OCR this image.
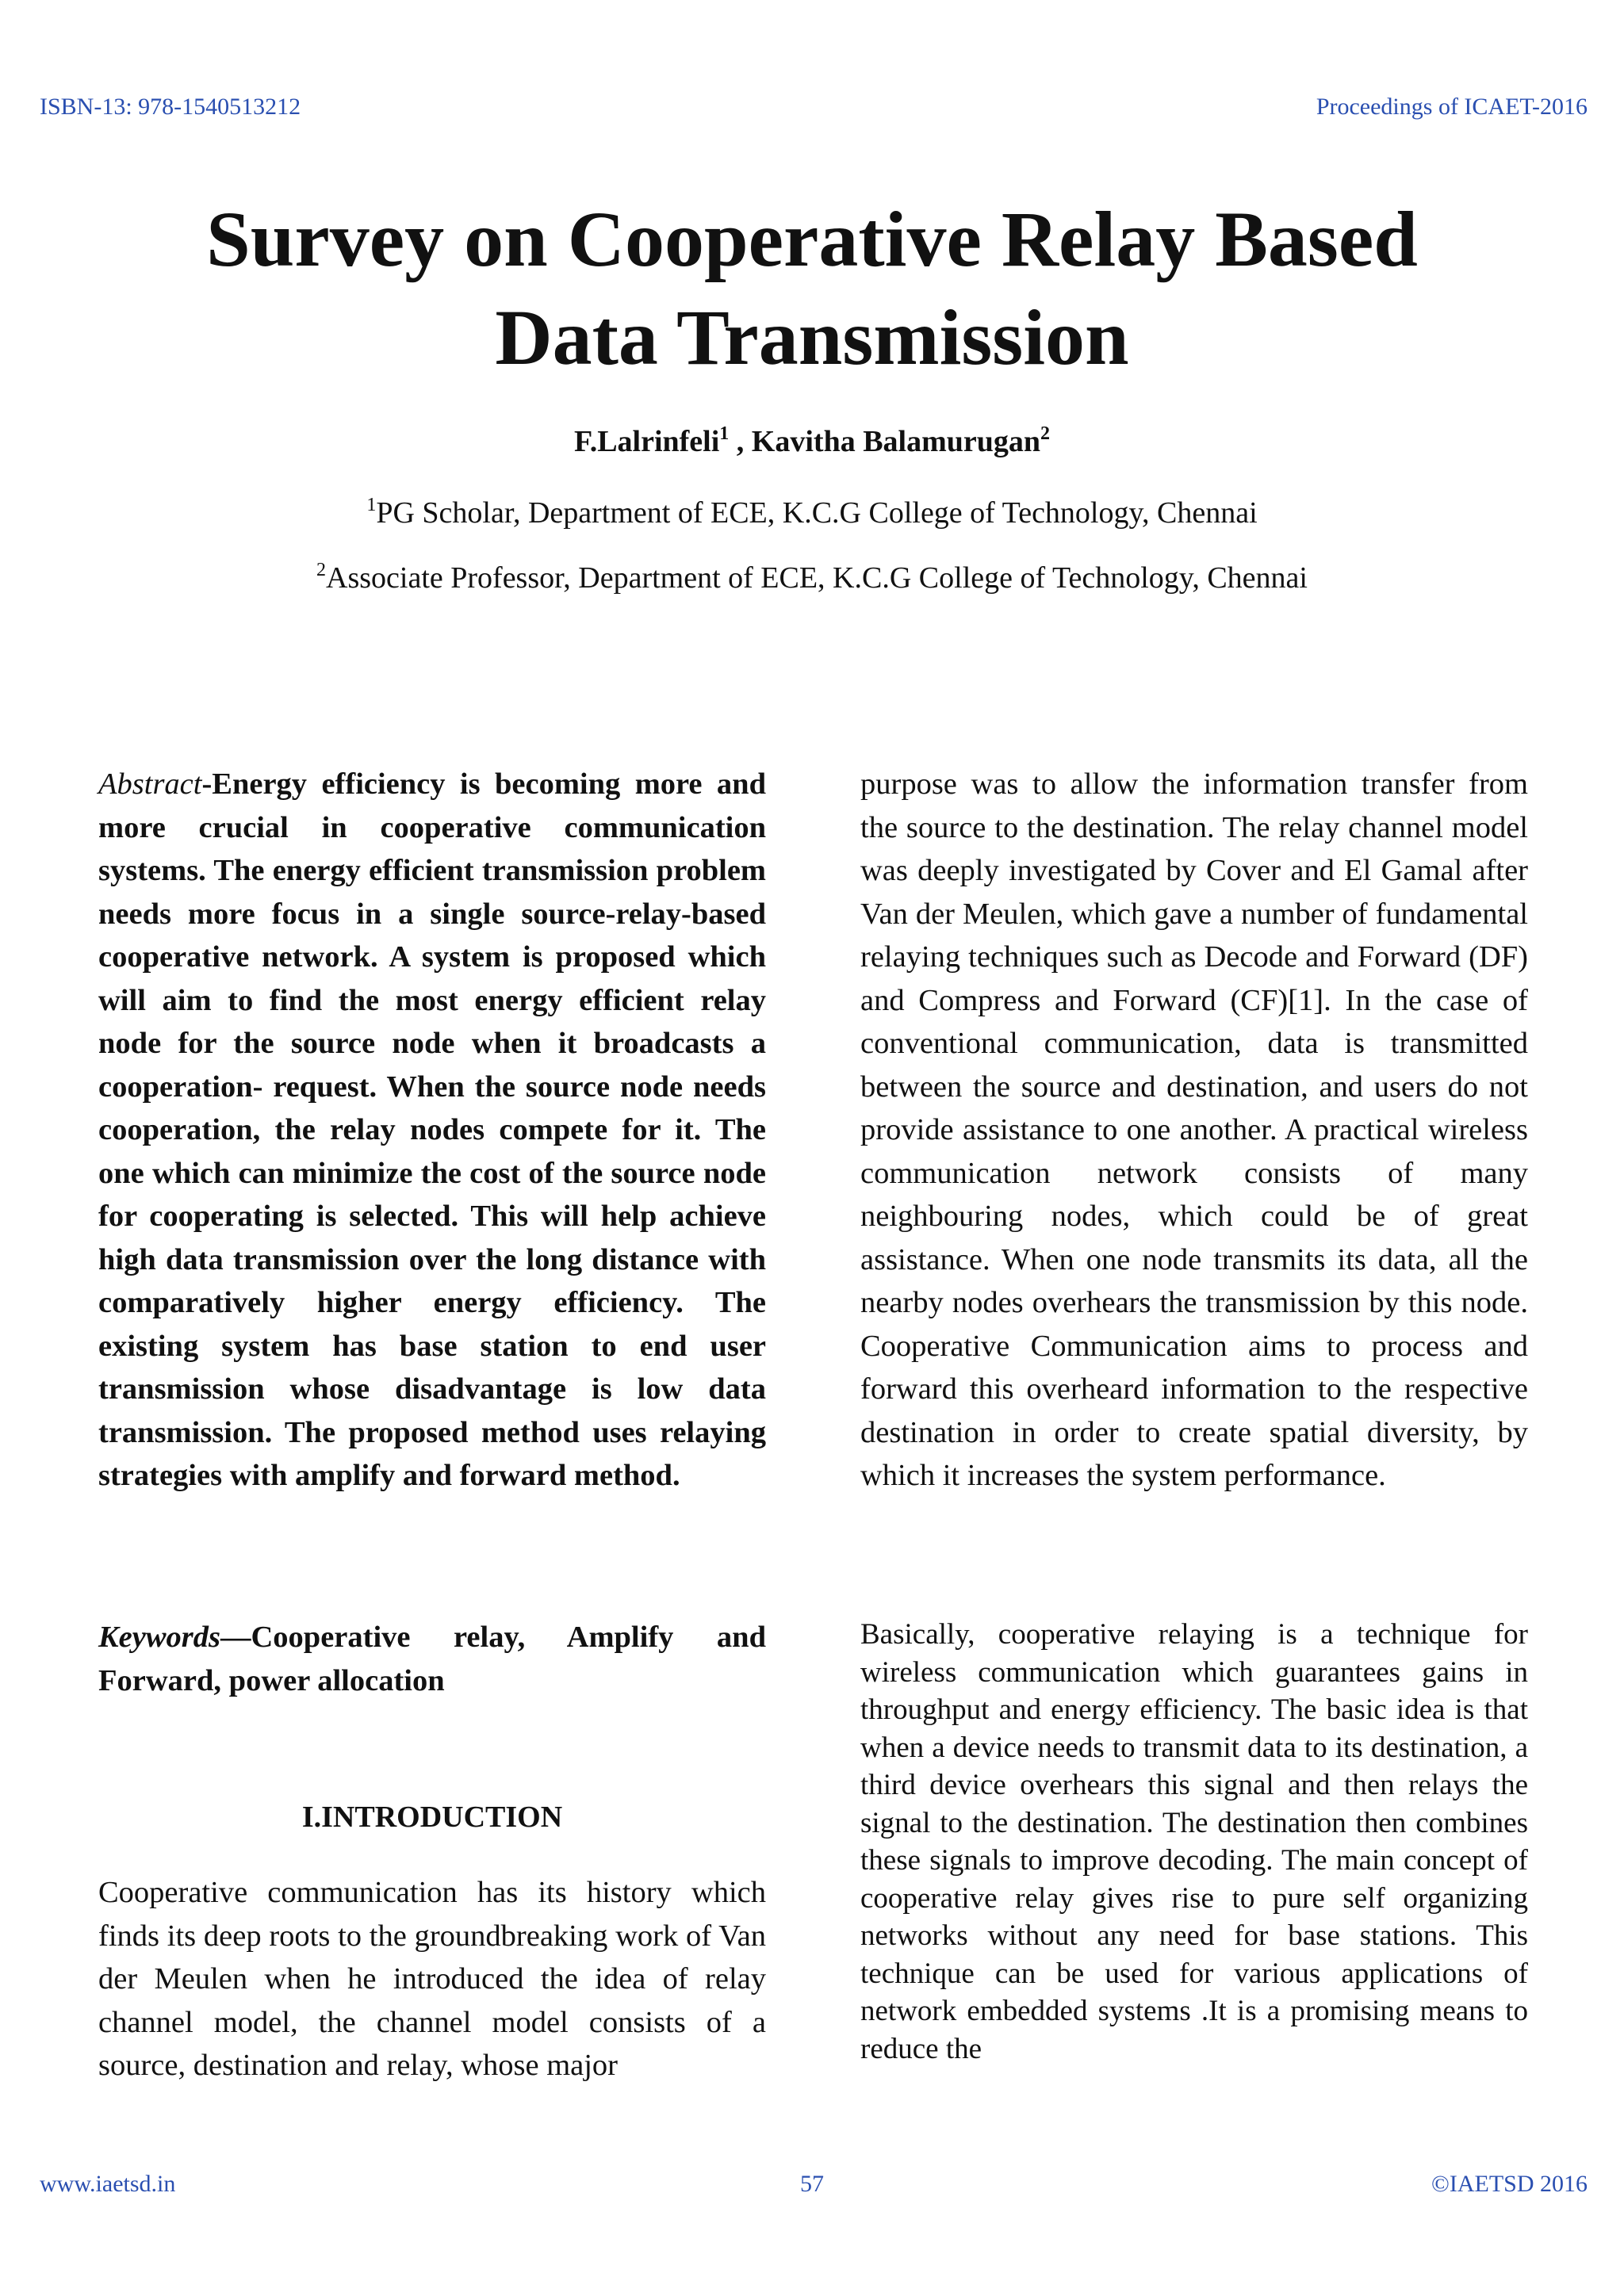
ISBN-13: 978-1540513212	Proceedings of ICAET-2016
Survey on Cooperative Relay Based
Data Transmission
F.Lalrinfeli$^1$ , Kavitha Balamurugan$^2$
$^1$PG Scholar, Department of ECE, K.C.G College of Technology, Chennai
$^2$Associate Professor, Department of ECE, K.C.G College of Technology, Chennai
Abstract-Energy efficiency is becoming more and more crucial in cooperative communication systems. The energy efficient transmission problem needs more focus in a single source-relay-based cooperative network. A system is proposed which will aim to find the most energy efficient relay node for the source node when it broadcasts a cooperation- request. When the source node needs cooperation, the relay nodes compete for it. The one which can minimize the cost of the source node for cooperating is selected. This will help achieve high data transmission over the long distance with comparatively higher energy efficiency. The existing system has base station to end user transmission whose disadvantage is low data transmission. The proposed method uses relaying strategies with amplify and forward method.
Keywords—Cooperative relay, Amplify and Forward, power allocation
I.INTRODUCTION
Cooperative communication has its history which finds its deep roots to the groundbreaking work of Van der Meulen when he introduced the idea of relay channel model, the channel model consists of a source, destination and relay, whose major
purpose was to allow the information transfer from the source to the destination. The relay channel model was deeply investigated by Cover and El Gamal after Van der Meulen, which gave a number of fundamental relaying techniques such as Decode and Forward (DF) and Compress and Forward (CF)[1]. In the case of conventional communication, data is transmitted between the source and destination, and users do not provide assistance to one another. A practical wireless communication network consists of many neighbouring nodes, which could be of great assistance. When one node transmits its data, all the nearby nodes overhears the transmission by this node. Cooperative Communication aims to process and forward this overheard information to the respective destination in order to create spatial diversity, by which it increases the system performance.
Basically, cooperative relaying is a technique for wireless communication which guarantees gains in throughput and energy efficiency. The basic idea is that when a device needs to transmit data to its destination, a third device overhears this signal and then relays the signal to the destination. The destination then combines these signals to improve decoding. The main concept of cooperative relay gives rise to pure self organizing networks without any need for base stations. This technique can be used for various applications of network embedded systems .It is a promising means to reduce the
www.iaetsd.in	57	©IAETSD 2016
